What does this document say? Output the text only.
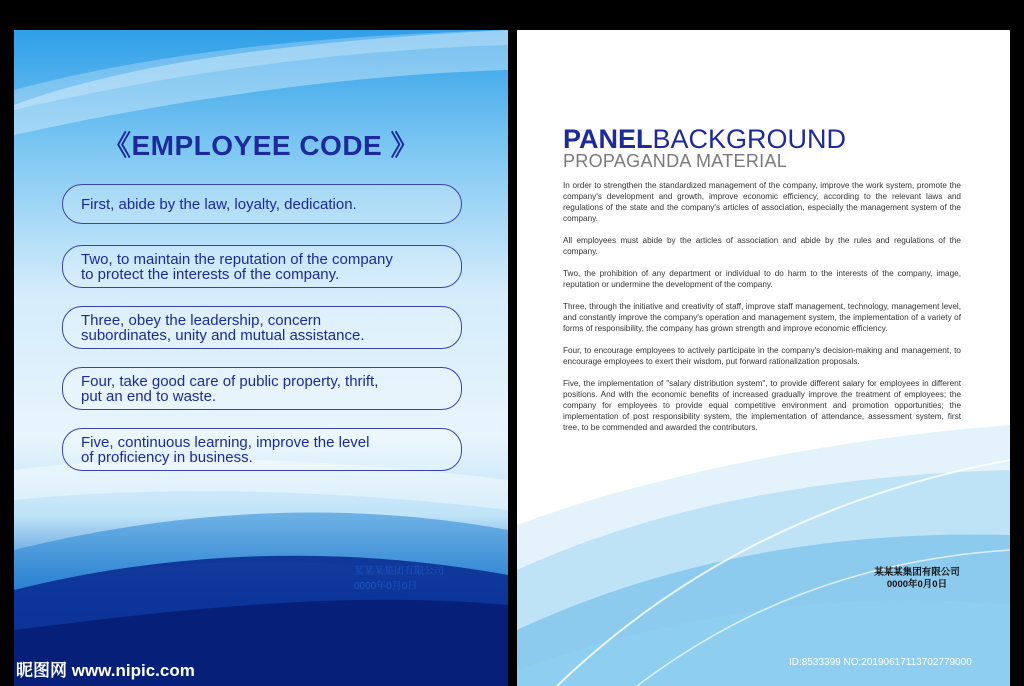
《EMPLOYEE CODE 》
First, abide by the law, loyalty, dedication.
Two, to maintain the reputation of the company
to protect the interests of the company.
Three, obey the leadership, concern
subordinates, unity and mutual assistance.
Four, take good care of public property, thrift,
put an end to waste.
Five, continuous learning, improve the level
of proficiency in business.
某某某集团有限公司
0000年0月0日
昵图网 www.nipic.com
PANELBACKGROUND
PROPAGANDA MATERIAL

In order to strengthen the standardized management of the company, improve the work system, promote the company's development and growth, improve economic efficiency, according to the relevant laws and regulations of the state and the company's articles of association, especially the management system of the company.

All employees must abide by the articles of association and abide by the rules and regulations of the company.

Two, the prohibition of any department or individual to do harm to the interests of the company, image, reputation or undermine the development of the company.

Three, through the initiative and creativity of staff, improve staff management, technology, management level, and constantly improve the company's operation and management system, the implementation of a variety of forms of responsibility, the company has grown strength and improve economic efficiency.

Four, to encourage employees to actively participate in the company's decision-making and management, to encourage employees to exert their wisdom, put forward rationalization proposals.

Five, the implementation of "salary distribution system", to provide different salary for employees in different positions. And with the economic benefits of increased gradually improve the treatment of employees; the company for employees to provide equal competitive environment and promotion opportunities; the implementation of post responsibility system, the implementation of attendance, assessment system, first tree, to be commended and awarded the contributors.

某某某集团有限公司
0000年0月0日
ID:8533399 NO:20190617113702779000
